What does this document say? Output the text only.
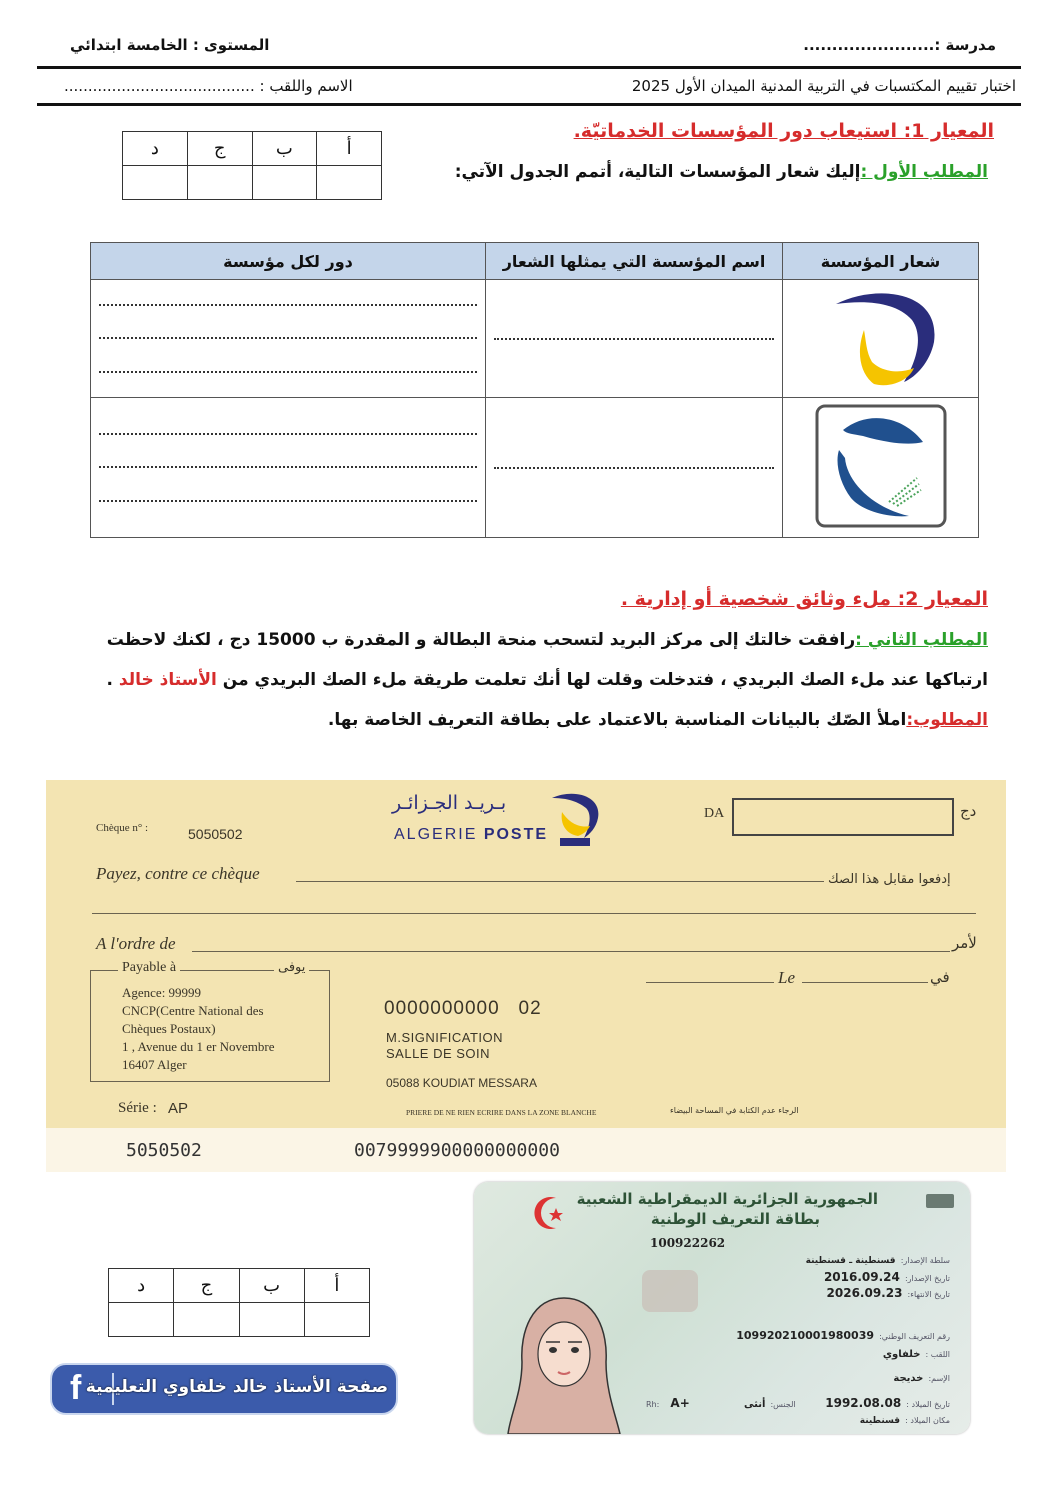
مدرسة :.......................
المستوى : الخامسة ابتدائي
اختبار تقييم المكتسبات في التربية المدنية الميدان الأول 2025
الاسم واللقب : ........................................
المعيار 1: استيعاب دور المؤسسات الخدماتيّة.
المطلب الأول :إليك شعار المؤسسات التالية، أتمم الجدول الآتي:
أ	ب	ج	د

شعار المؤسسة	اسم المؤسسة التي يمثلها الشعار	دور لكل مؤسسة

المعيار 2: ملء وثائق شخصية أو إدارية .
المطلب الثاني :رافقت خالتك إلى مركز البريد لتسحب منحة البطالة و المقدرة ب 15000 دج ، لكنك لاحظت
ارتباكها عند ملء الصك البريدي ، فتدخلت وقلت لها أنك تعلمت طريقة ملء الصك البريدي من الأستاذ خالد .
المطلوب:املأ الصّك بالبيانات المناسبة بالاعتماد على بطاقة التعريف الخاصة بها.
Chèque n° :	5050502
بـريـد الجـزائـر
ALGERIE POSTE
DA	دج
Payez, contre ce chèque	إدفعوا مقابل هذا الصك
A l'ordre de	لأمر
Le	في
Payable à	يوفى
Agence: 99999
CNCP(Centre National des
Chèques Postaux)
1 , Avenue du 1 er Novembre
16407 Alger
0000000000 02
M.SIGNIFICATION
SALLE DE SOIN
05088 KOUDIAT MESSARA
Série : AP	PRIERE DE NE RIEN ECRIRE DANS LA ZONE BLANCHE	الرجاء عدم الكتابة في المساحة البيضاء
5050502	0079999900000000000
أ	ب	ج	د

f صفحة الأستاذ خالد خلفاوي التعليمية
الجمهورية الجزائرية الديمقراطية الشعبية
بطاقة التعريف الوطنية
100922262
سلطة الإصدار: قسنطينة ـ قسنطينة
تاريخ الإصدار: 2016.09.24
تاريخ الانتهاء: 2026.09.23
رقم التعريف الوطني: 109920210001980039
اللقب : خلفاوي
الإسم: خديجة
تاريخ الميلاد : 1992.08.08
مكان الميلاد : قسنطينة
الجنس: أنثى
Rh: A+
